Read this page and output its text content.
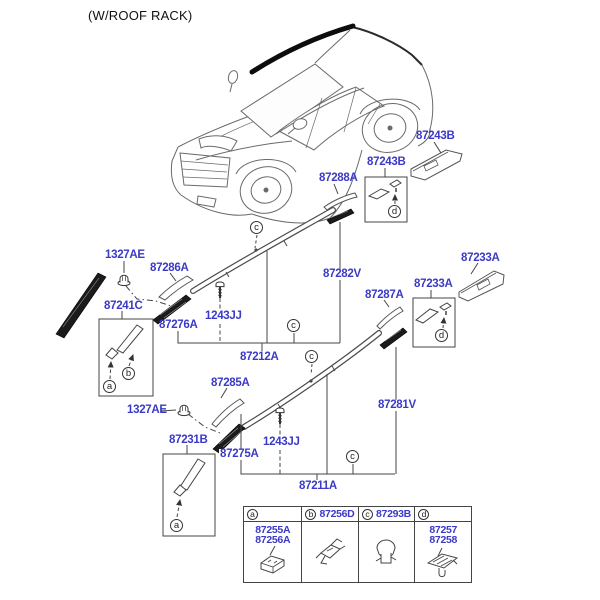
(W/ROOF RACK)
87243B
87243B
87288A
87282V
87287A
87233A
87233A
1327AE
87286A
87241C
87276A
1243JJ
87212A
87285A
1327AE
87231B
87275A
1243JJ
87281V
87211A
c
c
d
d
c
c
a
b
a
a
87255A
87256A
b 87256D	c 87293B	d
87257
87258
